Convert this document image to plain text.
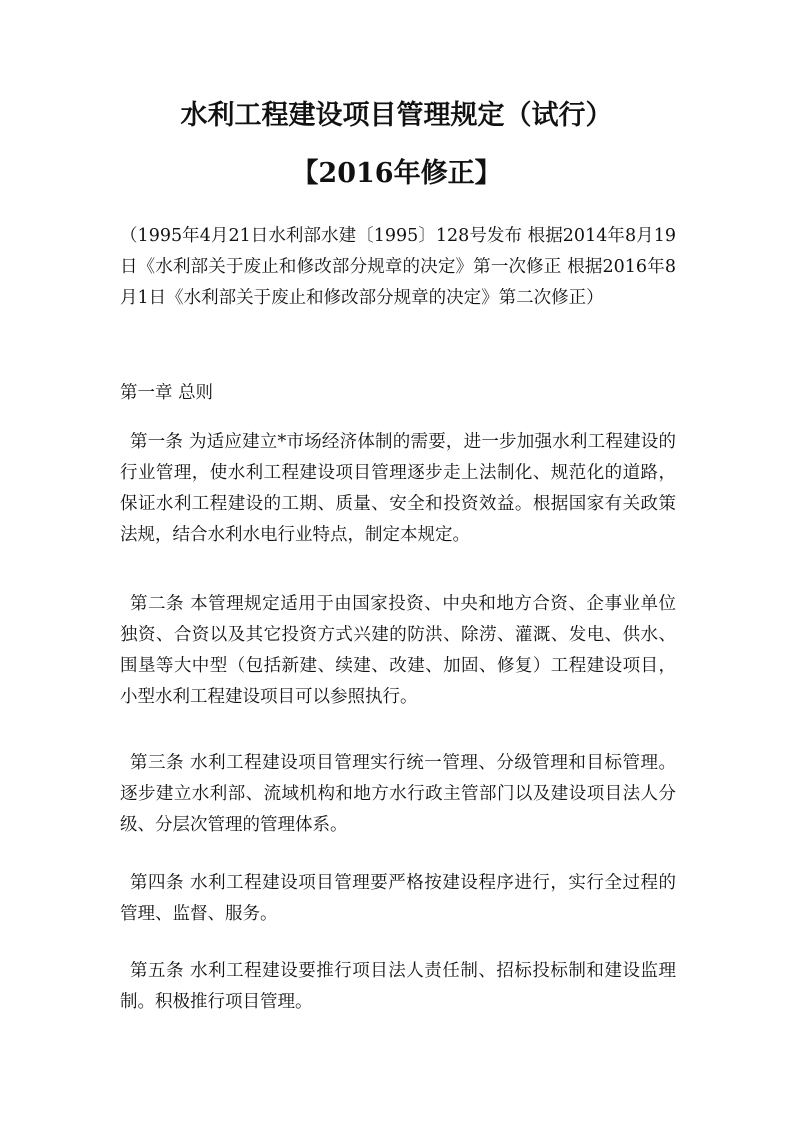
水利工程建设项目管理规定（试行）
【2016年修正】

（1995年4月21日水利部水建〔1995〕128号发布 根据2014年8月19日《水利部关于废止和修改部分规章的决定》第一次修正 根据2016年8月1日《水利部关于废止和修改部分规章的决定》第二次修正）

第一章 总则

第一条 为适应建立*市场经济体制的需要，进一步加强水利工程建设的行业管理，使水利工程建设项目管理逐步走上法制化、规范化的道路，保证水利工程建设的工期、质量、安全和投资效益。根据国家有关政策法规，结合水利水电行业特点，制定本规定。

第二条 本管理规定适用于由国家投资、中央和地方合资、企事业单位独资、合资以及其它投资方式兴建的防洪、除涝、灌溉、发电、供水、围垦等大中型（包括新建、续建、改建、加固、修复）工程建设项目，小型水利工程建设项目可以参照执行。

第三条 水利工程建设项目管理实行统一管理、分级管理和目标管理。逐步建立水利部、流域机构和地方水行政主管部门以及建设项目法人分级、分层次管理的管理体系。

第四条 水利工程建设项目管理要严格按建设程序进行，实行全过程的管理、监督、服务。

第五条 水利工程建设要推行项目法人责任制、招标投标制和建设监理制。积极推行项目管理。
